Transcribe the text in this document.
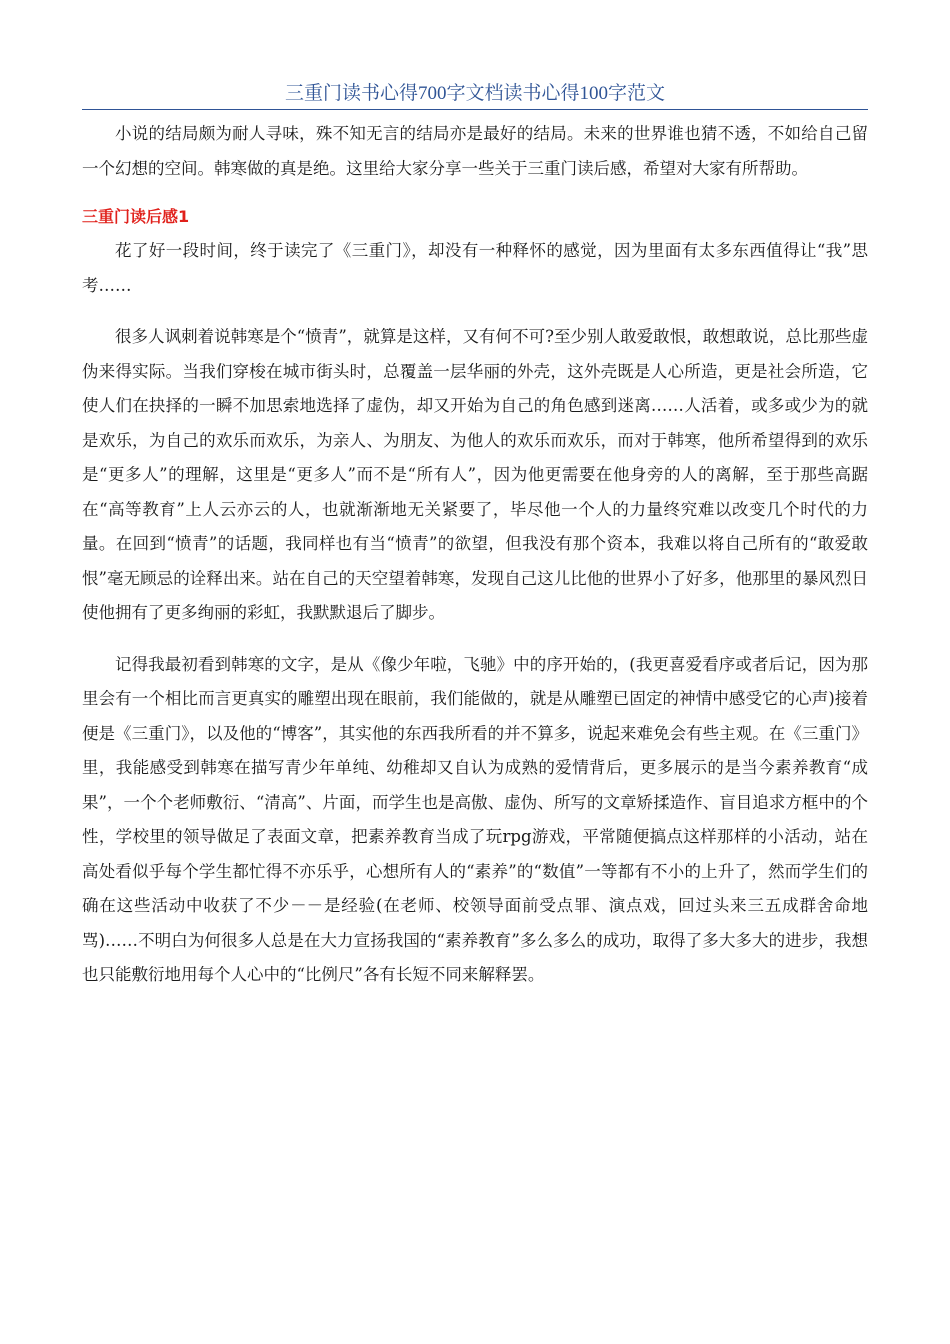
三重门读书心得700字文档读书心得100字范文

小说的结局颇为耐人寻味，殊不知无言的结局亦是最好的结局。未来的世界谁也猜不透，不如给自己留一个幻想的空间。韩寒做的真是绝。这里给大家分享一些关于三重门读后感，希望对大家有所帮助。

三重门读后感1

花了好一段时间，终于读完了《三重门》，却没有一种释怀的感觉，因为里面有太多东西值得让“我”思考……

很多人讽刺着说韩寒是个“愤青”，就算是这样，又有何不可?至少别人敢爱敢恨，敢想敢说，总比那些虚伪来得实际。当我们穿梭在城市街头时，总覆盖一层华丽的外壳，这外壳既是人心所造，更是社会所造，它使人们在抉择的一瞬不加思索地选择了虚伪，却又开始为自己的角色感到迷离……人活着，或多或少为的就是欢乐，为自己的欢乐而欢乐，为亲人、为朋友、为他人的欢乐而欢乐，而对于韩寒，他所希望得到的欢乐是“更多人”的理解，这里是“更多人”而不是“所有人”，因为他更需要在他身旁的人的离解，至于那些高踞在“高等教育”上人云亦云的人，也就渐渐地无关紧要了，毕尽他一个人的力量终究难以改变几个时代的力量。在回到“愤青”的话题，我同样也有当“愤青”的欲望，但我没有那个资本，我难以将自己所有的“敢爱敢恨”毫无顾忌的诠释出来。站在自己的天空望着韩寒，发现自己这儿比他的世界小了好多，他那里的暴风烈日使他拥有了更多绚丽的彩虹，我默默退后了脚步。

记得我最初看到韩寒的文字，是从《像少年啦，飞驰》中的序开始的，(我更喜爱看序或者后记，因为那里会有一个相比而言更真实的雕塑出现在眼前，我们能做的，就是从雕塑已固定的神情中感受它的心声)接着便是《三重门》，以及他的“博客”，其实他的东西我所看的并不算多，说起来难免会有些主观。在《三重门》里，我能感受到韩寒在描写青少年单纯、幼稚却又自认为成熟的爱情背后，更多展示的是当今素养教育“成果”，一个个老师敷衍、“清高”、片面，而学生也是高傲、虚伪、所写的文章矫揉造作、盲目追求方框中的个性，学校里的领导做足了表面文章，把素养教育当成了玩rpg游戏，平常随便搞点这样那样的小活动，站在高处看似乎每个学生都忙得不亦乐乎，心想所有人的“素养”的“数值”一等都有不小的上升了，然而学生们的确在这些活动中收获了不少－－是经验(在老师、校领导面前受点罪、演点戏，回过头来三五成群舍命地骂)……不明白为何很多人总是在大力宣扬我国的“素养教育”多么多么的成功，取得了多大多大的进步，我想也只能敷衍地用每个人心中的“比例尺”各有长短不同来解释罢。
